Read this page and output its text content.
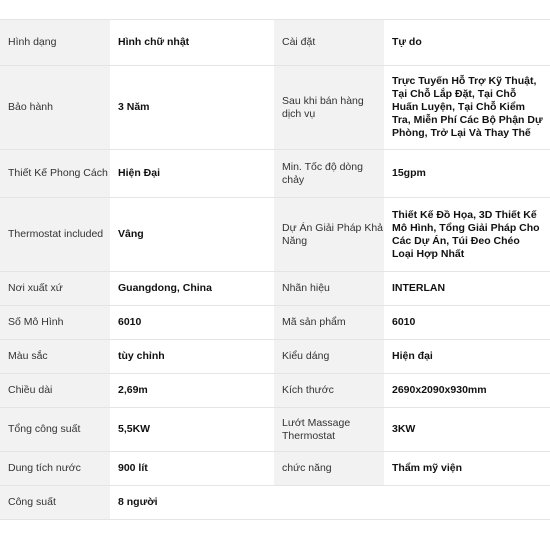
Hình dạng	Hình chữ nhật	Cài đặt	Tự do
Bảo hành	3 Năm	Sau khi bán hàng dịch vụ	Trực Tuyến Hỗ Trợ Kỹ Thuật, Tại Chỗ Lắp Đặt, Tại Chỗ Huấn Luyện, Tại Chỗ Kiểm Tra, Miễn Phí Các Bộ Phận Dự Phòng, Trở Lại Và Thay Thế
Thiết Kế Phong Cách	Hiện Đại	Min. Tốc độ dòng chảy	15gpm
Thermostat included	Vâng	Dự Án Giải Pháp Khả Năng	Thiết Kế Đồ Họa, 3D Thiết Kế Mô Hình, Tổng Giải Pháp Cho Các Dự Án, Túi Đeo Chéo Loại Hợp Nhất
Nơi xuất xứ	Guangdong, China	Nhãn hiệu	INTERLAN
Số Mô Hình	6010	Mã sản phẩm	6010
Màu sắc	tùy chỉnh	Kiểu dáng	Hiện đại
Chiều dài	2,69m	Kích thước	2690x2090x930mm
Tổng công suất	5,5KW	Lướt Massage Thermostat	3KW
Dung tích nước	900 lít	chức năng	Thẩm mỹ viện
Công suất	8 người		
